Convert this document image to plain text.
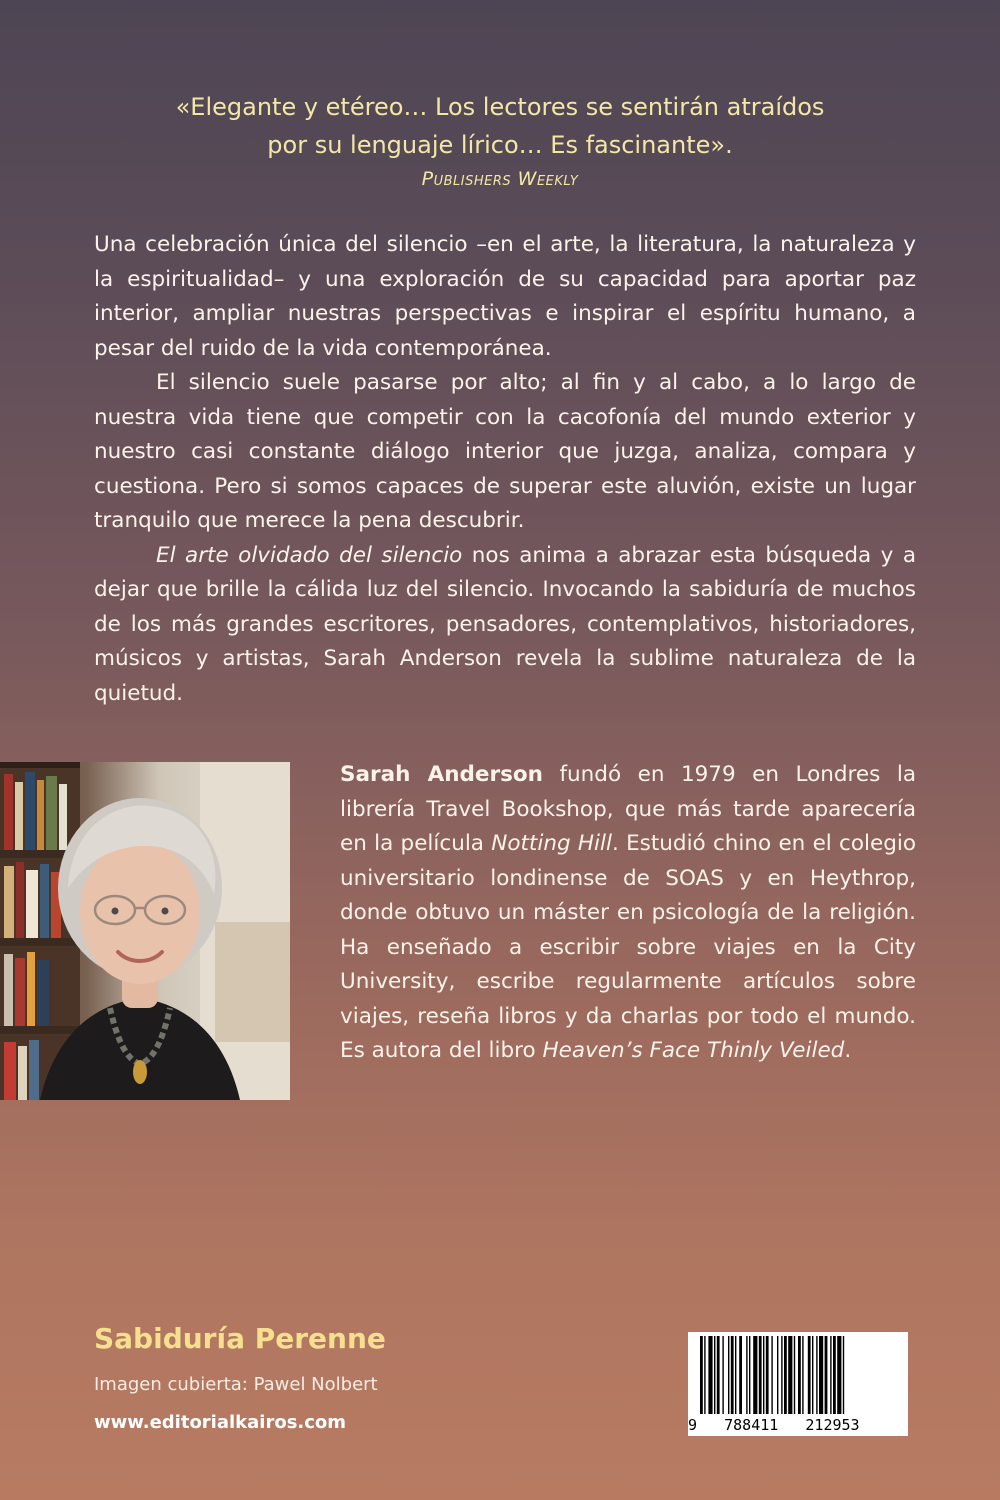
«Elegante y etéreo… Los lectores se sentirán atraídos
por su lenguaje lírico… Es fascinante».
Publishers Weekly

Una celebración única del silencio –en el arte, la literatura, la naturaleza y la espiritualidad– y una exploración de su capacidad para aportar paz interior, ampliar nuestras perspectivas e inspirar el espíritu humano, a pesar del ruido de la vida contemporánea.

El silencio suele pasarse por alto; al fin y al cabo, a lo largo de nuestra vida tiene que competir con la cacofonía del mundo exterior y nuestro casi constante diálogo interior que juzga, analiza, compara y cuestiona. Pero si somos capaces de superar este aluvión, existe un lugar tranquilo que merece la pena descubrir.

El arte olvidado del silencio nos anima a abrazar esta búsqueda y a dejar que brille la cálida luz del silencio. Invocando la sabiduría de muchos de los más grandes escritores, pensadores, contemplativos, historiadores, músicos y artistas, Sarah Anderson revela la sublime naturaleza de la quietud.

Sarah Anderson fundó en 1979 en Londres la librería Travel Bookshop, que más tarde aparecería en la película Notting Hill. Estudió chino en el colegio universitario londinense de SOAS y en Heythrop, donde obtuvo un máster en psicología de la religión. Ha enseñado a escribir sobre viajes en la City University, escribe regularmente artículos sobre viajes, reseña libros y da charlas por todo el mundo. Es autora del libro Heaven’s Face Thinly Veiled.
Sabiduría Perenne
Imagen cubierta: Pawel Nolbert
www.editorialkairos.com	9 788411 212953
